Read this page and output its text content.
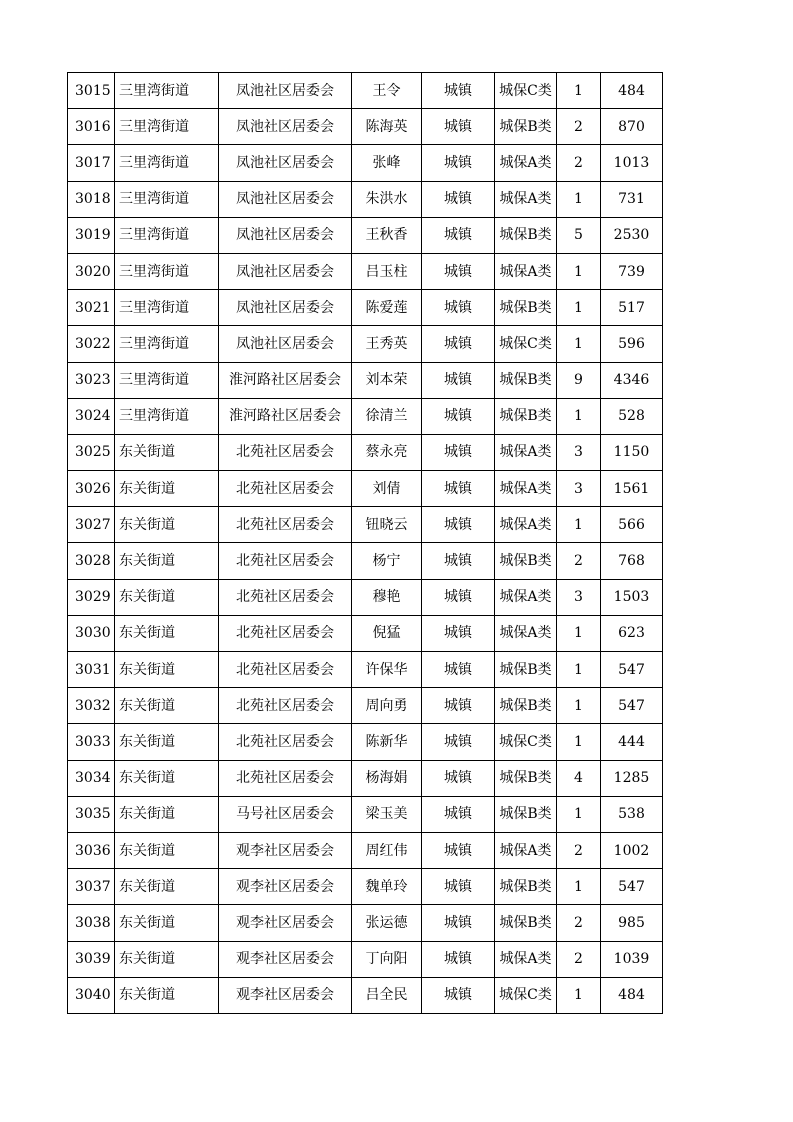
3015	三里湾街道	凤池社区居委会	王令	城镇	城保C类	1	484
3016	三里湾街道	凤池社区居委会	陈海英	城镇	城保B类	2	870
3017	三里湾街道	凤池社区居委会	张峰	城镇	城保A类	2	1013
3018	三里湾街道	凤池社区居委会	朱洪水	城镇	城保A类	1	731
3019	三里湾街道	凤池社区居委会	王秋香	城镇	城保B类	5	2530
3020	三里湾街道	凤池社区居委会	吕玉柱	城镇	城保A类	1	739
3021	三里湾街道	凤池社区居委会	陈爱莲	城镇	城保B类	1	517
3022	三里湾街道	凤池社区居委会	王秀英	城镇	城保C类	1	596
3023	三里湾街道	淮河路社区居委会	刘本荣	城镇	城保B类	9	4346
3024	三里湾街道	淮河路社区居委会	徐清兰	城镇	城保B类	1	528
3025	东关街道	北苑社区居委会	蔡永亮	城镇	城保A类	3	1150
3026	东关街道	北苑社区居委会	刘倩	城镇	城保A类	3	1561
3027	东关街道	北苑社区居委会	钮晓云	城镇	城保A类	1	566
3028	东关街道	北苑社区居委会	杨宁	城镇	城保B类	2	768
3029	东关街道	北苑社区居委会	穆艳	城镇	城保A类	3	1503
3030	东关街道	北苑社区居委会	倪猛	城镇	城保A类	1	623
3031	东关街道	北苑社区居委会	许保华	城镇	城保B类	1	547
3032	东关街道	北苑社区居委会	周向勇	城镇	城保B类	1	547
3033	东关街道	北苑社区居委会	陈新华	城镇	城保C类	1	444
3034	东关街道	北苑社区居委会	杨海娟	城镇	城保B类	4	1285
3035	东关街道	马号社区居委会	梁玉美	城镇	城保B类	1	538
3036	东关街道	观李社区居委会	周红伟	城镇	城保A类	2	1002
3037	东关街道	观李社区居委会	魏单玲	城镇	城保B类	1	547
3038	东关街道	观李社区居委会	张运德	城镇	城保B类	2	985
3039	东关街道	观李社区居委会	丁向阳	城镇	城保A类	2	1039
3040	东关街道	观李社区居委会	吕全民	城镇	城保C类	1	484
